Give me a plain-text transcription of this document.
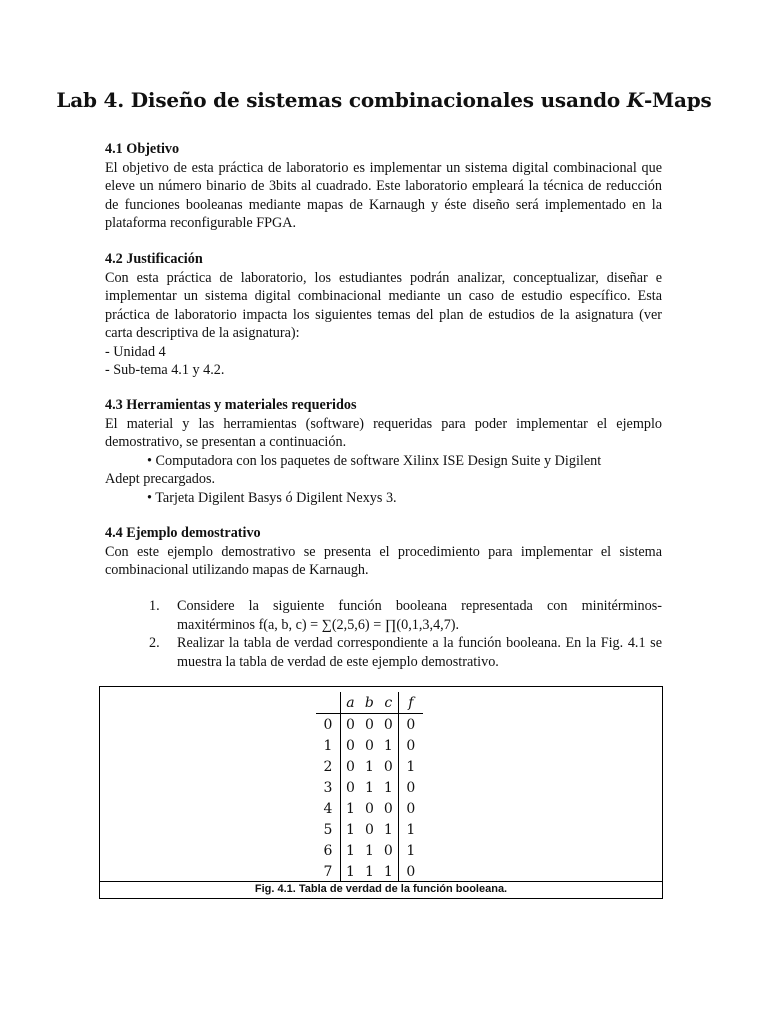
Lab 4. Diseño de sistemas combinacionales usando K-Maps
4.1 Objetivo

El objetivo de esta práctica de laboratorio es implementar un sistema digital combinacional que eleve un número binario de 3bits al cuadrado. Este laboratorio empleará la técnica de reducción de funciones booleanas mediante mapas de Karnaugh y éste diseño será implementado en la plataforma reconfigurable FPGA.

4.2 Justificación

Con esta práctica de laboratorio, los estudiantes podrán analizar, conceptualizar, diseñar e implementar un sistema digital combinacional mediante un caso de estudio específico. Esta práctica de laboratorio impacta los siguientes temas del plan de estudios de la asignatura (ver carta descriptiva de la asignatura):

- Unidad 4
- Sub-tema 4.1 y 4.2.
4.3 Herramientas y materiales requeridos

El material y las herramientas (software) requeridas para poder implementar el ejemplo demostrativo, se presentan a continuación.

• Computadora con los paquetes de software Xilinx ISE Design Suite y Digilent
Adept precargados.
• Tarjeta Digilent Basys ó Digilent Nexys 3.
4.4 Ejemplo demostrativo

Con este ejemplo demostrativo se presenta el procedimiento para implementar el sistema combinacional utilizando mapas de Karnaugh.

1. Considere la siguiente función booleana representada con minitérminos-maxitérminos f(a, b, c) = ∑(2,5,6) = ∏(0,1,3,4,7).

2. Realizar la tabla de verdad correspondiente a la función booleana. En la Fig. 4.1 se muestra la tabla de verdad de este ejemplo demostrativo.

Fig. 4.1. Tabla de verdad de la función booleana.
	a	b	c	f
0	0	0	0	0
1	0	0	1	0
2	0	1	0	1
3	0	1	1	0
4	1	0	0	0
5	1	0	1	1
6	1	1	0	1
7	1	1	1	0
